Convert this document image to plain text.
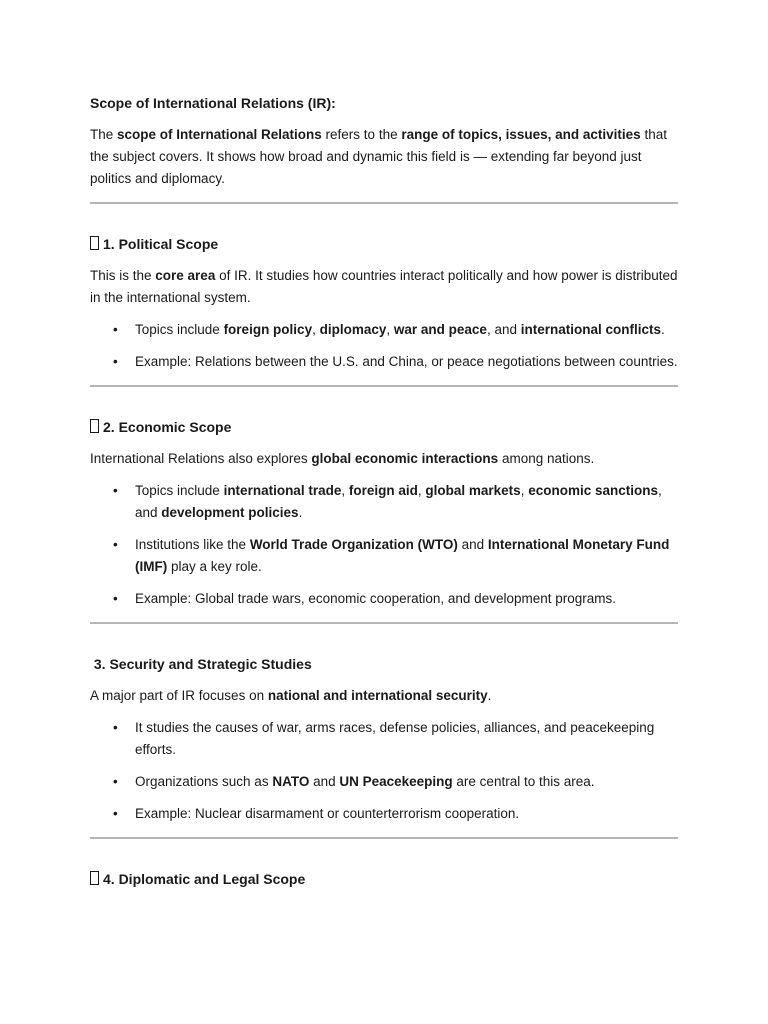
Scope of International Relations (IR):

The scope of International Relations refers to the range of topics, issues, and activities that the subject covers. It shows how broad and dynamic this field is — extending far beyond just politics and diplomacy.

1. Political Scope

This is the core area of IR. It studies how countries interact politically and how power is distributed in the international system.

• Topics include foreign policy, diplomacy, war and peace, and international conflicts.
• Example: Relations between the U.S. and China, or peace negotiations between countries.
2. Economic Scope

International Relations also explores global economic interactions among nations.

• Topics include international trade, foreign aid, global markets, economic sanctions, and development policies.
• Institutions like the World Trade Organization (WTO) and International Monetary Fund (IMF) play a key role.
• Example: Global trade wars, economic cooperation, and development programs.
3. Security and Strategic Studies

A major part of IR focuses on national and international security.

• It studies the causes of war, arms races, defense policies, alliances, and peacekeeping efforts.
• Organizations such as NATO and UN Peacekeeping are central to this area.
• Example: Nuclear disarmament or counterterrorism cooperation.
4. Diplomatic and Legal Scope
